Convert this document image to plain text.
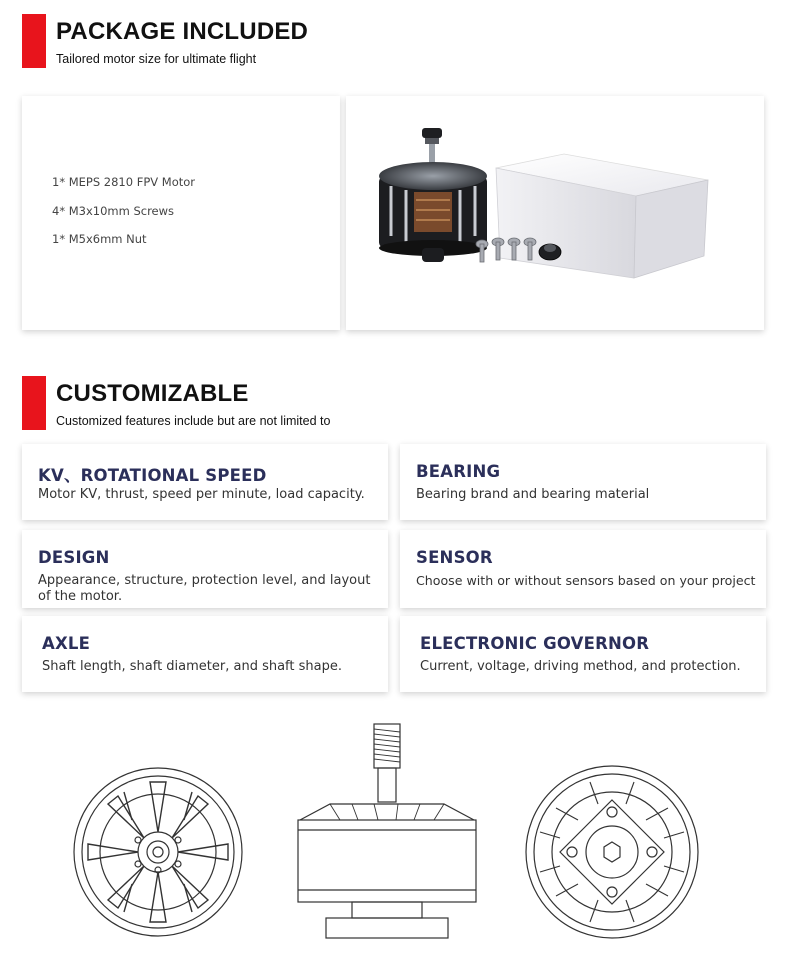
PACKAGE INCLUDED
Tailored motor size for ultimate flight
1* MEPS 2810 FPV Motor
4* M3x10mm Screws
1* M5x6mm Nut
CUSTOMIZABLE
Customized features include but are not limited to
KV、ROTATIONAL SPEED
Motor KV, thrust, speed per minute, load capacity.
BEARING
Bearing brand and bearing material
DESIGN
Appearance, structure, protection level, and layout of the motor.
SENSOR
Choose with or without sensors based on your project
AXLE
Shaft length, shaft diameter, and shaft shape.
ELECTRONIC GOVERNOR
Current, voltage, driving method, and protection.
